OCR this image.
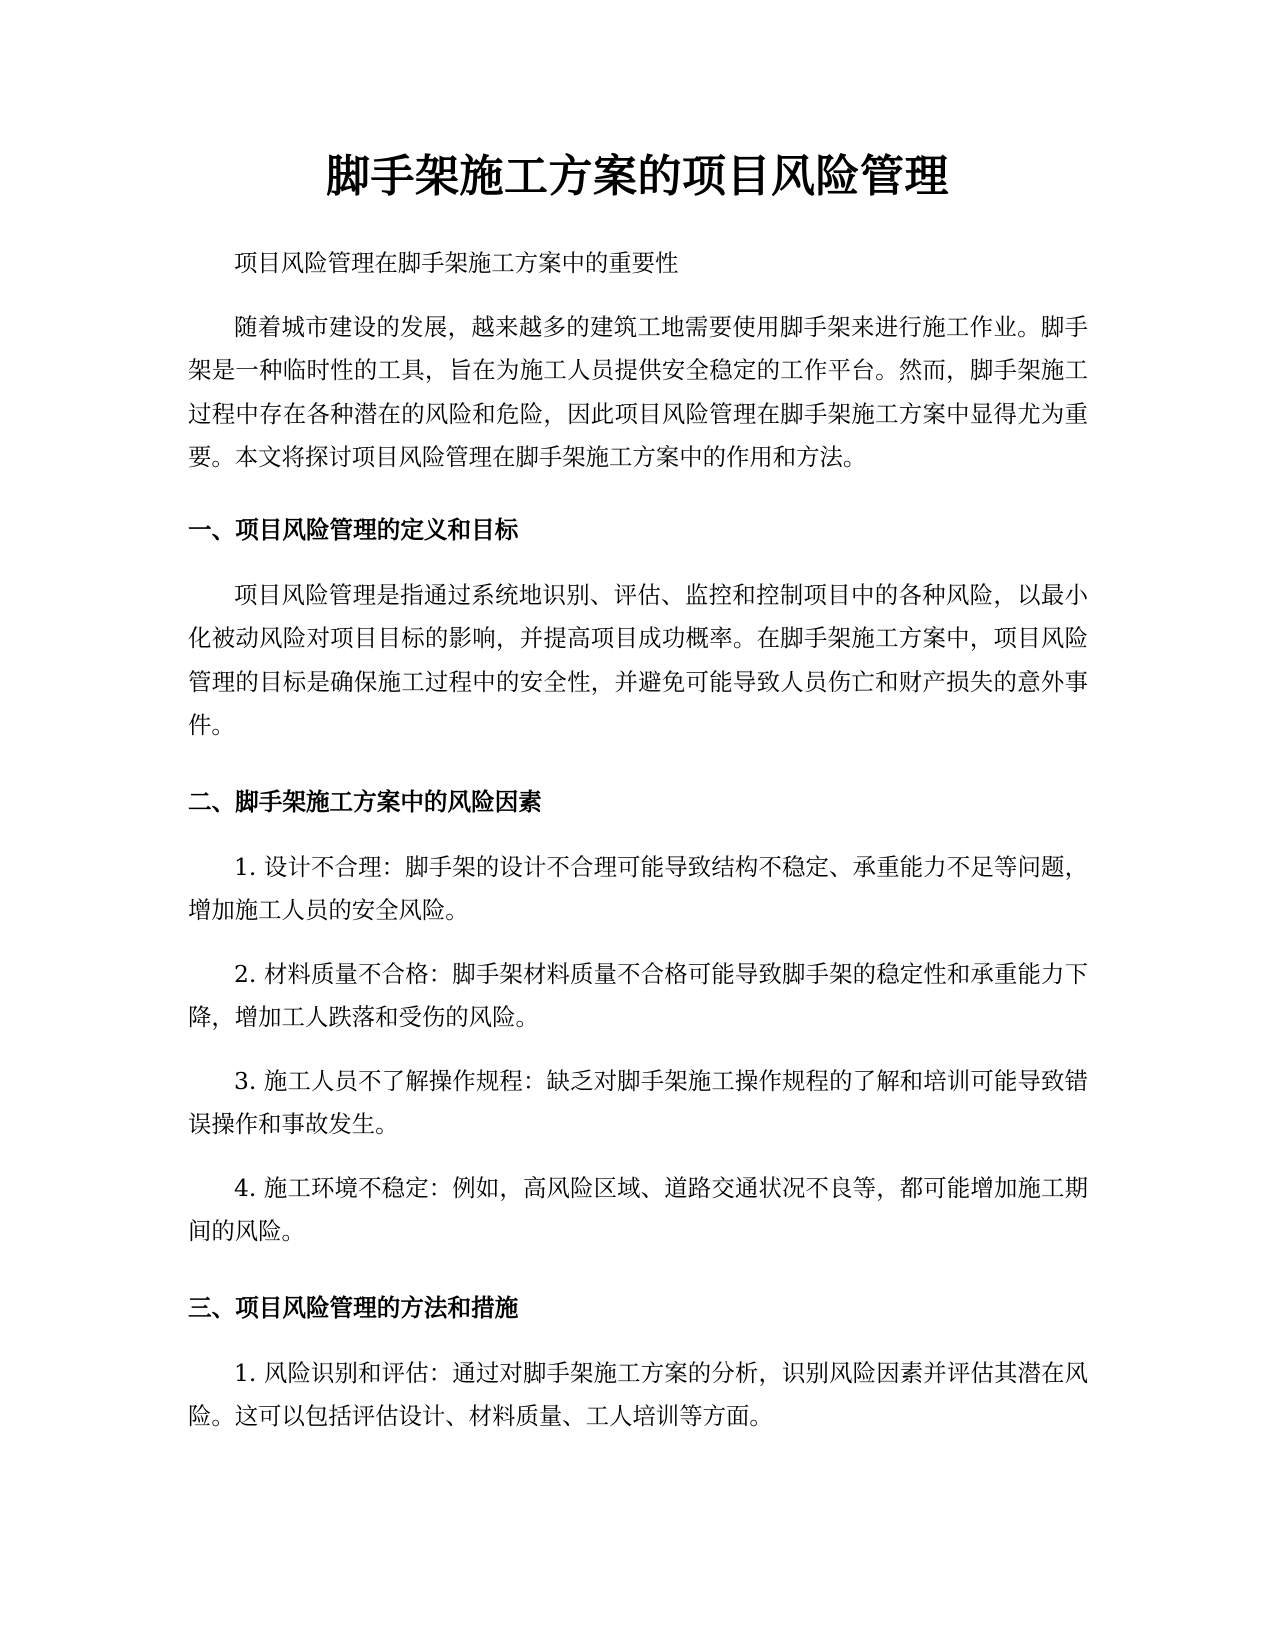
脚手架施工方案的项目风险管理

项目风险管理在脚手架施工方案中的重要性

随着城市建设的发展，越来越多的建筑工地需要使用脚手架来进行施工作业。脚手架是一种临时性的工具，旨在为施工人员提供安全稳定的工作平台。然而，脚手架施工过程中存在各种潜在的风险和危险，因此项目风险管理在脚手架施工方案中显得尤为重要。本文将探讨项目风险管理在脚手架施工方案中的作用和方法。

一、项目风险管理的定义和目标

项目风险管理是指通过系统地识别、评估、监控和控制项目中的各种风险，以最小化被动风险对项目目标的影响，并提高项目成功概率。在脚手架施工方案中，项目风险管理的目标是确保施工过程中的安全性，并避免可能导致人员伤亡和财产损失的意外事件。

二、脚手架施工方案中的风险因素

1. 设计不合理：脚手架的设计不合理可能导致结构不稳定、承重能力不足等问题，增加施工人员的安全风险。

2. 材料质量不合格：脚手架材料质量不合格可能导致脚手架的稳定性和承重能力下降，增加工人跌落和受伤的风险。

3. 施工人员不了解操作规程：缺乏对脚手架施工操作规程的了解和培训可能导致错误操作和事故发生。

4. 施工环境不稳定：例如，高风险区域、道路交通状况不良等，都可能增加施工期间的风险。

三、项目风险管理的方法和措施

1. 风险识别和评估：通过对脚手架施工方案的分析，识别风险因素并评估其潜在风险。这可以包括评估设计、材料质量、工人培训等方面。
